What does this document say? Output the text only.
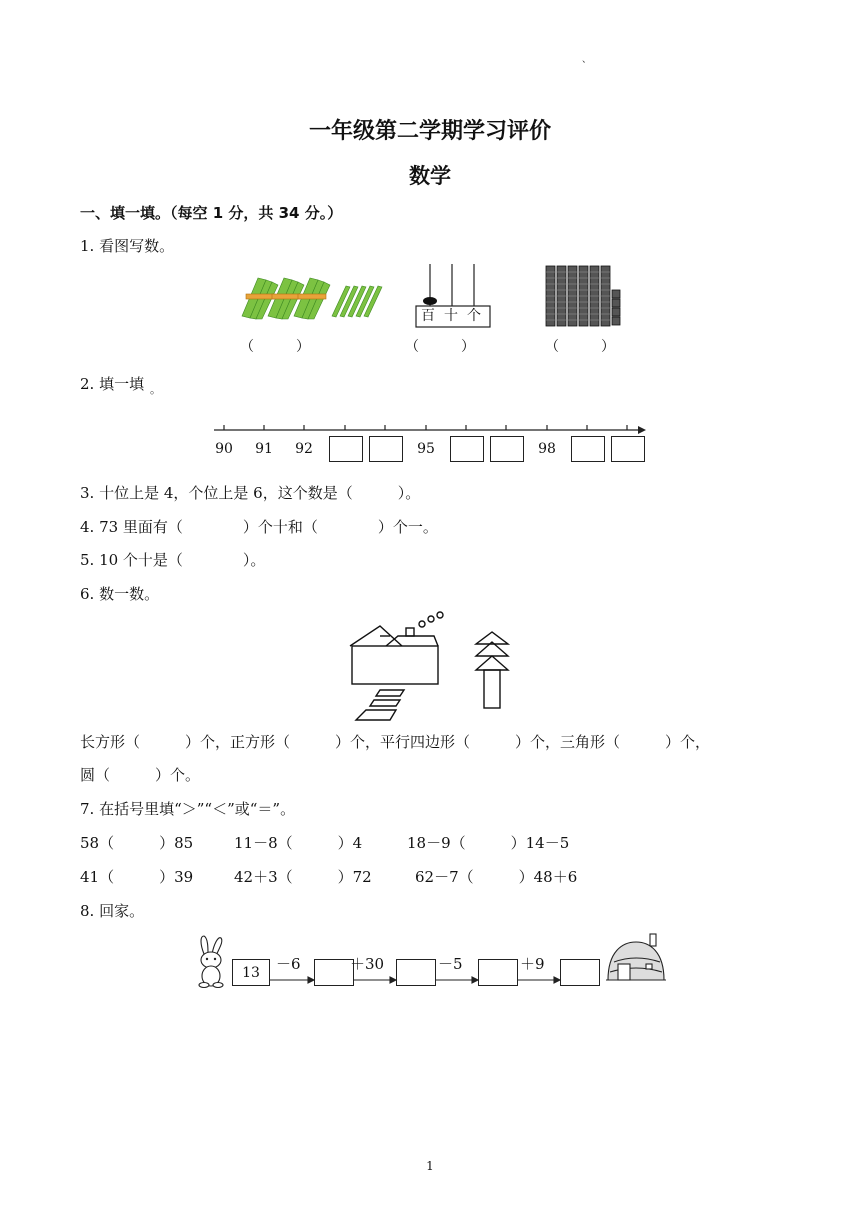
、
一年级第二学期学习评价
数学
一、填一填。（每空 1 分，共 34 分。）
1. 看图写数。
百 十 个
（　　　）	（　　　）	（　　　）
2. 填一填 。
90	91	92	95	98
3. 十位上是 4，个位上是 6，这个数是（　　　）。
4. 73 里面有（　　　　）个十和（　　　　）个一。
5. 10 个十是（　　　　）。
6. 数一数。
长方形（　　　）个，正方形（　　　）个，平行四边形（　　　）个，三角形（　　　）个，
圆（　　　）个。
7. 在括号里填“＞”“＜”或“＝”。
58（　　　）85	11－8（　　　）4	18－9（　　　）14－5
41（　　　）39	42＋3（　　　）72	62－7（　　　）48＋6
8. 回家。
13	－6	＋30	－5	＋9
1
